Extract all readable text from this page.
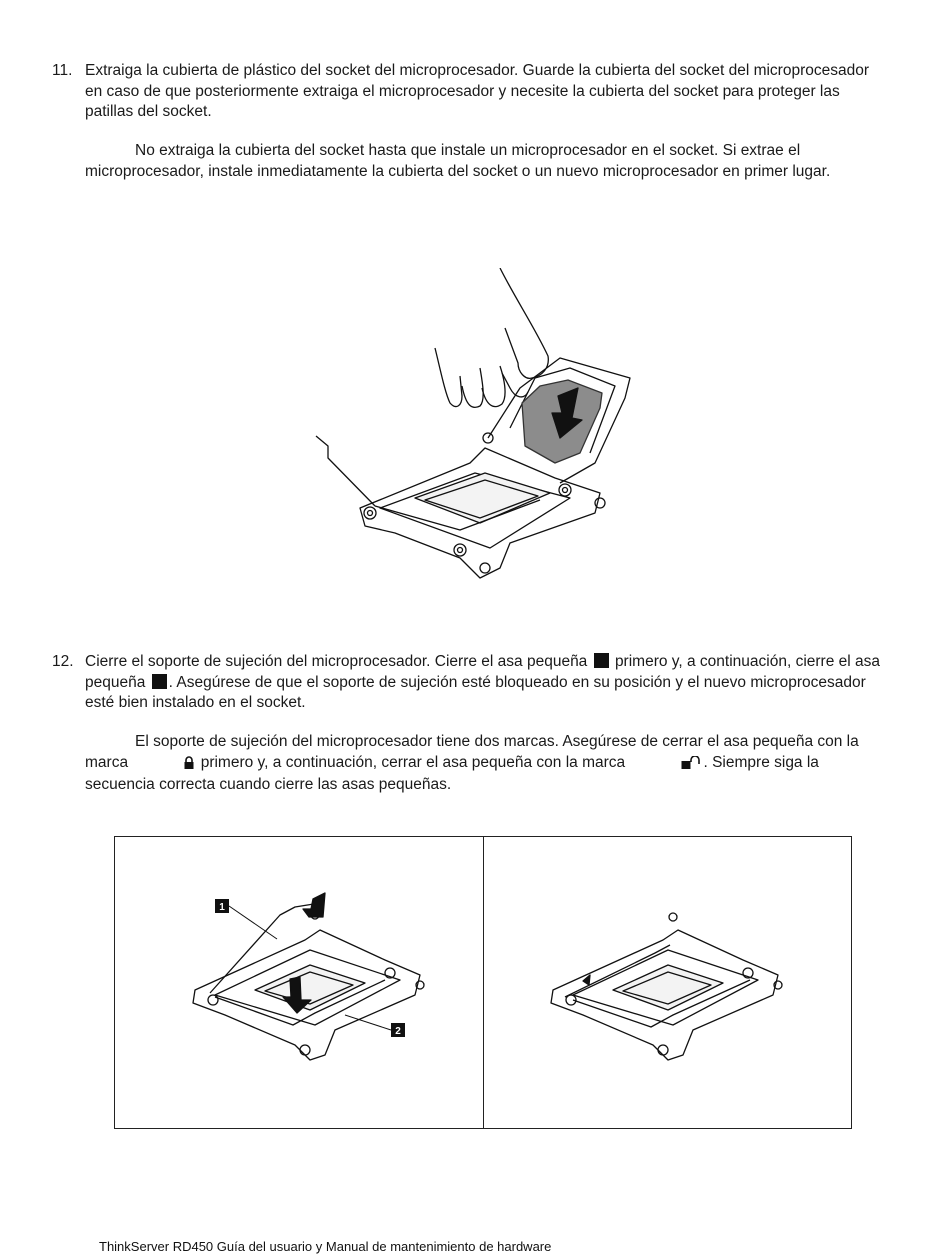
11. Extraiga la cubierta de plástico del socket del microprocesador. Guarde la cubierta del socket del microprocesador en caso de que posteriormente extraiga el microprocesador y necesite la cubierta del socket para proteger las patillas del socket.
No extraiga la cubierta del socket hasta que instale un microprocesador en el socket. Si extrae el microprocesador, instale inmediatamente la cubierta del socket o un nuevo microprocesador en primer lugar.
12. Cierre el soporte de sujeción del microprocesador. Cierre el asa pequeña primero y, a continuación, cierre el asa pequeña . Asegúrese de que el soporte de sujeción esté bloqueado en su posición y el nuevo microprocesador esté bien instalado en el socket.
El soporte de sujeción del microprocesador tiene dos marcas. Asegúrese de cerrar el asa pequeña con la marca	primero y, a continuación, cerrar el asa pequeña con la marca	. Siempre siga la secuencia correcta cuando cierre las asas pequeñas.
1
2
ThinkServer RD450 Guía del usuario y Manual de mantenimiento de hardware
